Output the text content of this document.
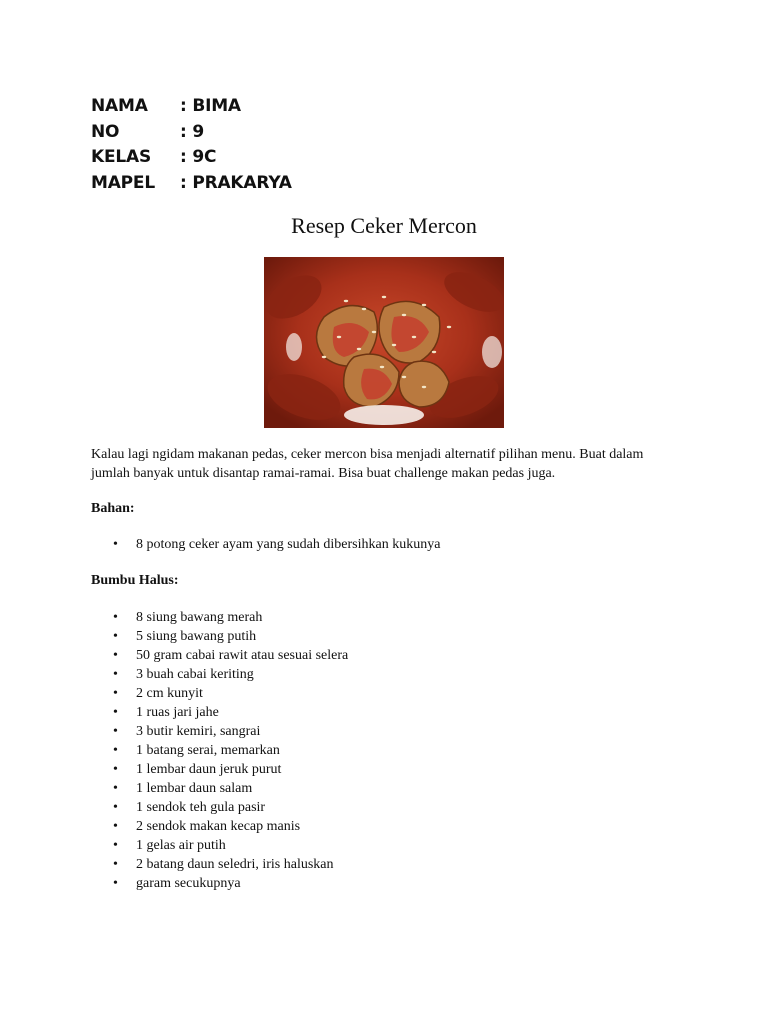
NAMA	: BIMA
NO	: 9
KELAS	: 9C
MAPEL	: PRAKARYA
Resep Ceker Mercon

Kalau lagi ngidam makanan pedas, ceker mercon bisa menjadi alternatif pilihan menu. Buat dalam jumlah banyak untuk disantap ramai-ramai. Bisa buat challenge makan pedas juga.

Bahan:

• 8 potong ceker ayam yang sudah dibersihkan kukunya

Bumbu Halus:

• 8 siung bawang merah
• 5 siung bawang putih
• 50 gram cabai rawit atau sesuai selera
• 3 buah cabai keriting
• 2 cm kunyit
• 1 ruas jari jahe
• 3 butir kemiri, sangrai
• 1 batang serai, memarkan
• 1 lembar daun jeruk purut
• 1 lembar daun salam
• 1 sendok teh gula pasir
• 2 sendok makan kecap manis
• 1 gelas air putih
• 2 batang daun seledri, iris haluskan
• garam secukupnya
